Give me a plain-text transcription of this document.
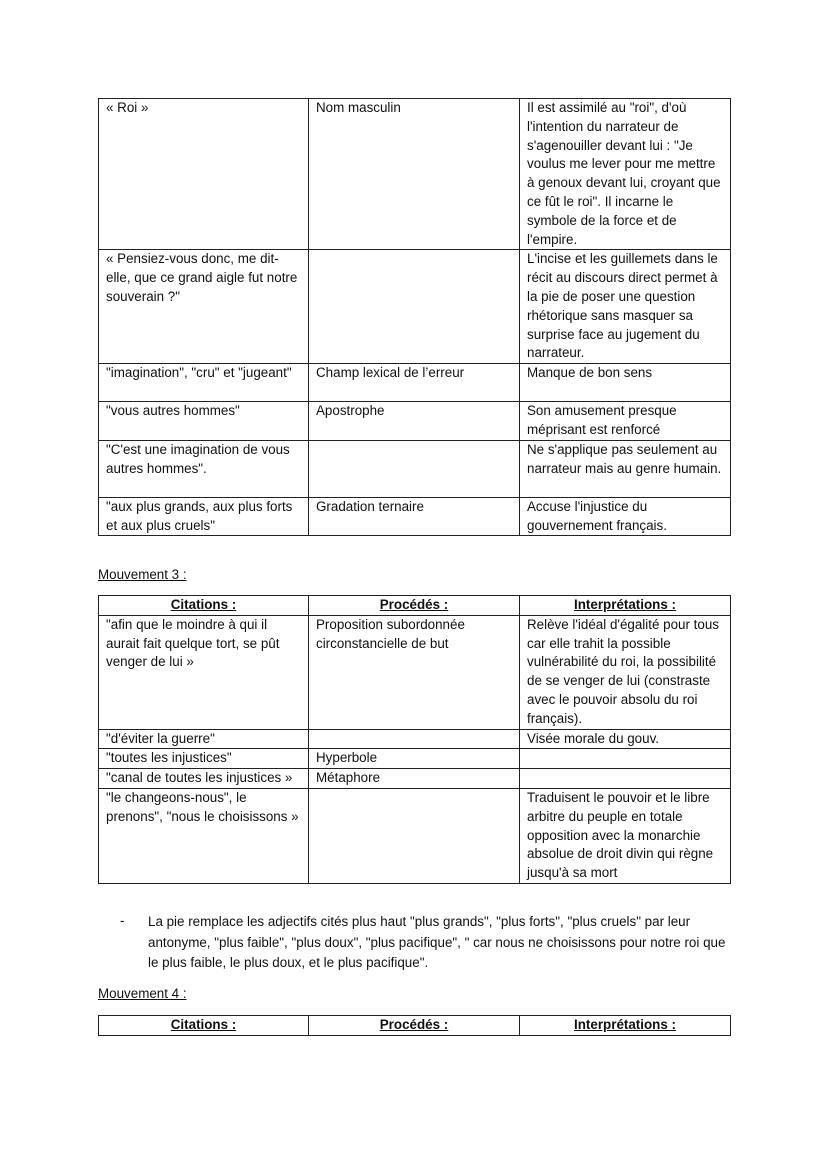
« Roi »	Nom masculin	Il est assimilé au "roi", d'où l'intention du narrateur de s'agenouiller devant lui : "Je voulus me lever pour me mettre à genoux devant lui, croyant que ce fût le roi". Il incarne le symbole de la force et de l'empire.
« Pensiez-vous donc, me dit-elle, que ce grand aigle fut notre souverain ?"		L'incise et les guillemets dans le récit au discours direct permet à la pie de poser une question rhétorique sans masquer sa surprise face au jugement du narrateur.
"imagination", "cru" et "jugeant"	Champ lexical de l’erreur	Manque de bon sens
"vous autres hommes"	Apostrophe	Son amusement presque méprisant est renforcé
"C'est une imagination de vous autres hommes".		Ne s'applique pas seulement au narrateur mais au genre humain.
"aux plus grands, aux plus forts et aux plus cruels"	Gradation ternaire	Accuse l'injustice du gouvernement français.
Mouvement 3 :
Citations :	Procédés :	Interprétations :
"afin que le moindre à qui il aurait fait quelque tort, se pût venger de lui »	Proposition subordonnée circonstancielle de but	Relève l'idéal d'égalité pour tous car elle trahit la possible vulnérabilité du roi, la possibilité de se venger de lui (constraste avec le pouvoir absolu du roi français).
"d'éviter la guerre"		Visée morale du gouv.
"toutes les injustices"	Hyperbole	
"canal de toutes les injustices »	Métaphore	
"le changeons-nous", le prenons", "nous le choisissons »		Traduisent le pouvoir et le libre arbitre du peuple en totale opposition avec la monarchie absolue de droit divin qui règne jusqu'à sa mort
- La pie remplace les adjectifs cités plus haut "plus grands", "plus forts", "plus cruels" par leur antonyme, "plus faible", "plus doux", "plus pacifique", " car nous ne choisissons pour notre roi que le plus faible, le plus doux, et le plus pacifique".
Mouvement 4 :
Citations :	Procédés :	Interprétations :
